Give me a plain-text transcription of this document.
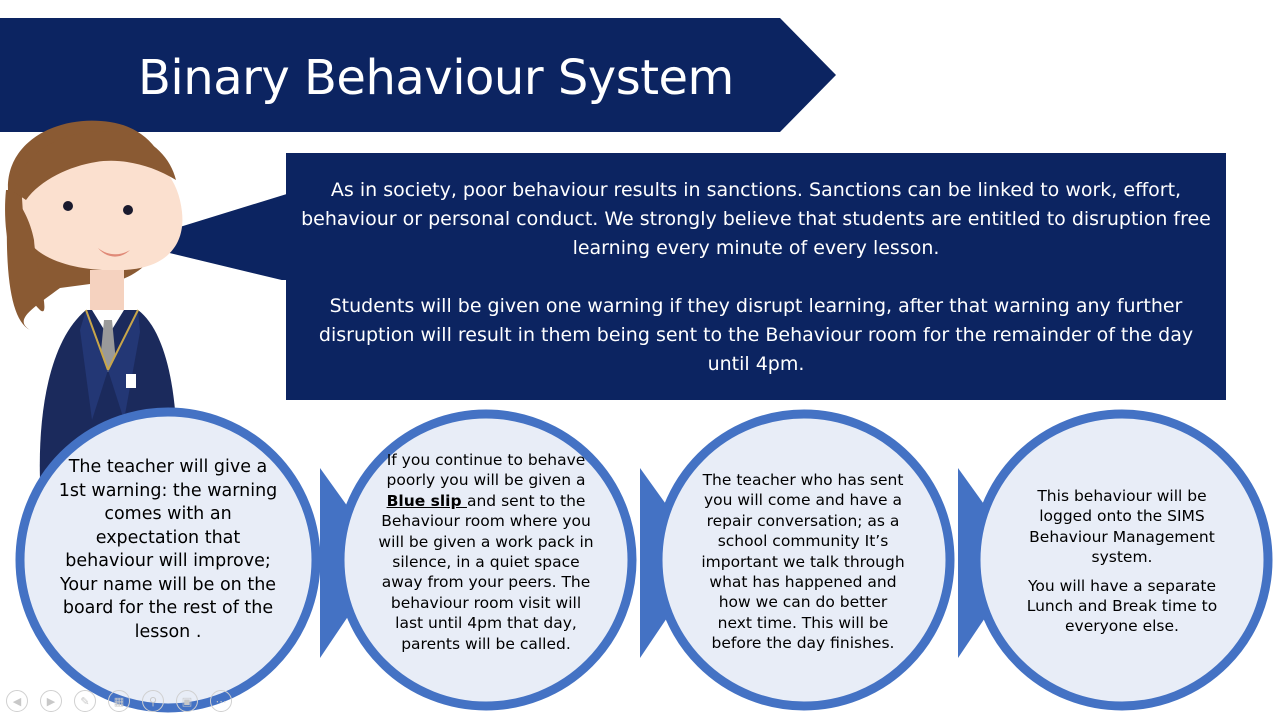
Binary Behaviour System

As in society, poor behaviour results in sanctions. Sanctions can be linked to work, effort, behaviour or personal conduct. We strongly believe that students are entitled to disruption free learning every minute of every lesson.

Students will be given one warning if they disrupt learning, after that warning any further disruption will result in them being sent to the Behaviour room for the remainder of the day until 4pm.

The teacher will give a 1st warning: the warning comes with an expectation that behaviour will improve; Your name will be on the board for the rest of the lesson .
If you continue to behave poorly you will be given a Blue slip and sent to the Behaviour room where you will be given a work pack in silence, in a quiet space away from your peers. The behaviour room visit will last until 4pm that day, parents will be called.
The teacher who has sent you will come and have a repair conversation; as a school community It’s important we talk through what has happened and how we can do better next time. This will be before the day finishes.

This behaviour will be logged onto the SIMS Behaviour Management system.

You will have a separate Lunch and Break time to everyone else.

◀	▶	✎	▦	⚲	▣	⋯
